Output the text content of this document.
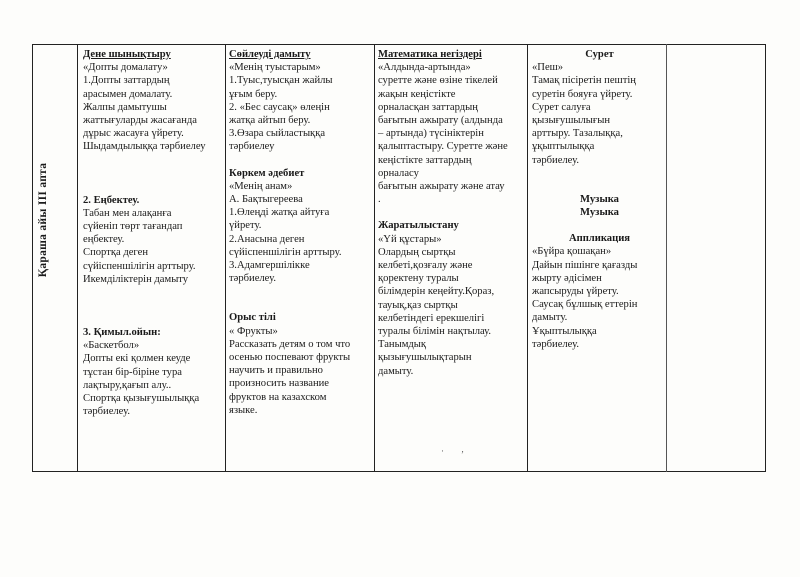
Қараша айы III апта
Дене шынықтыру
«Допты домалату»
1.Допты заттардың
арасымен домалату.
Жалпы дамытушы
жаттығуларды жасағанда
дұрыс жасауға үйрету.
Шыдамдылыққа тәрбиелеу
2. Еңбектеу.
Табан мен алақанға
сүйеніп төрт тағандап
еңбектеу.
Спортқа деген
сүйіспеншілігін арттыру.
Икемділіктерін дамыту
3. Қимыл.ойын:
«Баскетбол»
Допты екі қолмен кеуде
тұстан бір-біріне тура
лақтыру,қағып алу..
Спортқа қызығушылыққа
тәрбиелеу.
Сөйлеуді дамыту
«Менің туыстарым»
1.Туыс,туысқан жайлы
ұғым беру.
2. «Бес саусақ» өлеңін
жатқа айтып беру.
3.Өзара сыйластыққа
тәрбиелеу
Көркем әдебиет
«Менің анам»
А. Бақтыгереева
1.Өлеңді жатқа айтуға
үйрету.
2.Анасына деген
сүйіспеншілігін арттыру.
3.Адамгершілікке
тәрбиелеу.
Орыс тілі
« Фрукты»
Рассказать детям о том что
осенью поспевают фрукты
научить и правильно
произносить название
фруктов на казахском
языке.
Математика негіздері
«Алдында-артында»
суретте және өзіне тікелей
жақын кеңістікте
орналасқан заттардың
бағытын ажырату (алдында
– артында) түсініктерін
қалыптастыру. Суретте және
кеңістікте заттардың
орналасу
бағытын ажырату және атау
.
Жаратылыстану
«Үй құстары»
Олардың сыртқы
келбеті,қозғалу және
қоректену туралы
білімдерін кеңейту.Қораз,
тауық,қаз сыртқы
келбетіндегі ерекшелігі
туралы білімін нақтылау.
Танымдық
қызығушылықтарын
дамыту.
Сурет
«Пеш»
Тамақ пісіретін пештің
суретін бояуға үйрету.
Сурет салуға
қызығушылығын
арттыру. Тазалыққа,
ұқыптылыққа
тәрбиелеу.
Музыка
Музыка
Аппликация
«Бүйра қошақан»
Дайын пішінге қағазды
жырту әдісімен
жапсыруды үйрету.
Саусақ бұлшық еттерін
дамыту.
Ұқыптылыққа
тәрбиелеу.
· ‚
